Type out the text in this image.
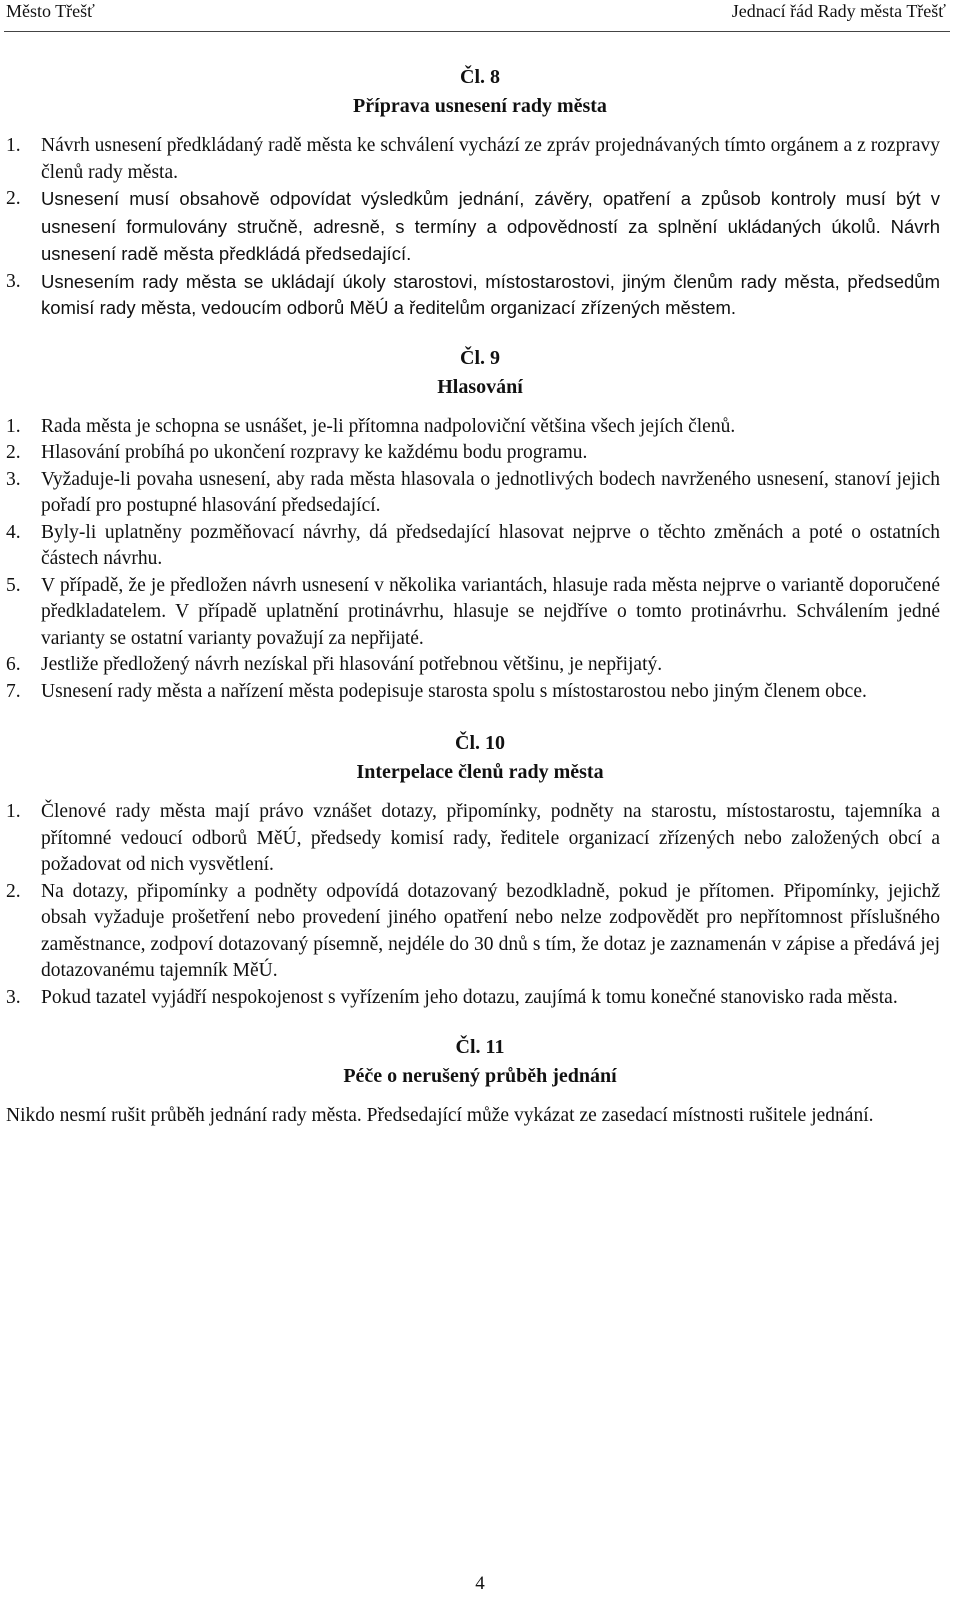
Město Třešť	Jednací řád Rady města Třešť
Čl. 8
Příprava usnesení rady města
1. Návrh usnesení předkládaný radě města ke schválení vychází ze zpráv projednávaných tímto orgánem a z rozpravy členů rady města.
2. Usnesení musí obsahově odpovídat výsledkům jednání, závěry, opatření a způsob kontroly musí být v usnesení formulovány stručně, adresně, s termíny a odpovědností za splnění ukládaných úkolů. Návrh usnesení radě města předkládá předsedající.
3. Usnesením rady města se ukládají úkoly starostovi, místostarostovi, jiným členům rady města, předsedům komisí rady města, vedoucím odborů MěÚ a ředitelům organizací zřízených městem.
Čl. 9
Hlasování
1. Rada města je schopna se usnášet, je-li přítomna nadpoloviční většina všech jejích členů.
2. Hlasování probíhá po ukončení rozpravy ke každému bodu programu.
3. Vyžaduje-li povaha usnesení, aby rada města hlasovala o jednotlivých bodech navrženého usnesení, stanoví jejich pořadí pro postupné hlasování předsedající.
4. Byly-li uplatněny pozměňovací návrhy, dá předsedající hlasovat nejprve o těchto změnách a poté o ostatních částech návrhu.
5. V případě, že je předložen návrh usnesení v několika variantách, hlasuje rada města nejprve o variantě doporučené předkladatelem. V případě uplatnění protinávrhu, hlasuje se nejdříve o tomto protinávrhu. Schválením jedné varianty se ostatní varianty považují za nepřijaté.
6. Jestliže předložený návrh nezískal při hlasování potřebnou většinu, je nepřijatý.
7. Usnesení rady města a nařízení města podepisuje starosta spolu s místostarostou nebo jiným členem obce.
Čl. 10
Interpelace členů rady města
1. Členové rady města mají právo vznášet dotazy, připomínky, podněty na starostu, místostarostu, tajemníka a přítomné vedoucí odborů MěÚ, předsedy komisí rady, ředitele organizací zřízených nebo založených obcí a požadovat od nich vysvětlení.
2. Na dotazy, připomínky a podněty odpovídá dotazovaný bezodkladně, pokud je přítomen. Připomínky, jejichž obsah vyžaduje prošetření nebo provedení jiného opatření nebo nelze zodpovědět pro nepřítomnost příslušného zaměstnance, zodpoví dotazovaný písemně, nejdéle do 30 dnů s tím, že dotaz je zaznamenán v zápise a předává jej dotazovanému tajemník MěÚ.
3. Pokud tazatel vyjádří nespokojenost s vyřízením jeho dotazu, zaujímá k tomu konečné stanovisko rada města.
Čl. 11
Péče o nerušený průběh jednání

Nikdo nesmí rušit průběh jednání rady města. Předsedající může vykázat ze zasedací místnosti rušitele jednání.

4
